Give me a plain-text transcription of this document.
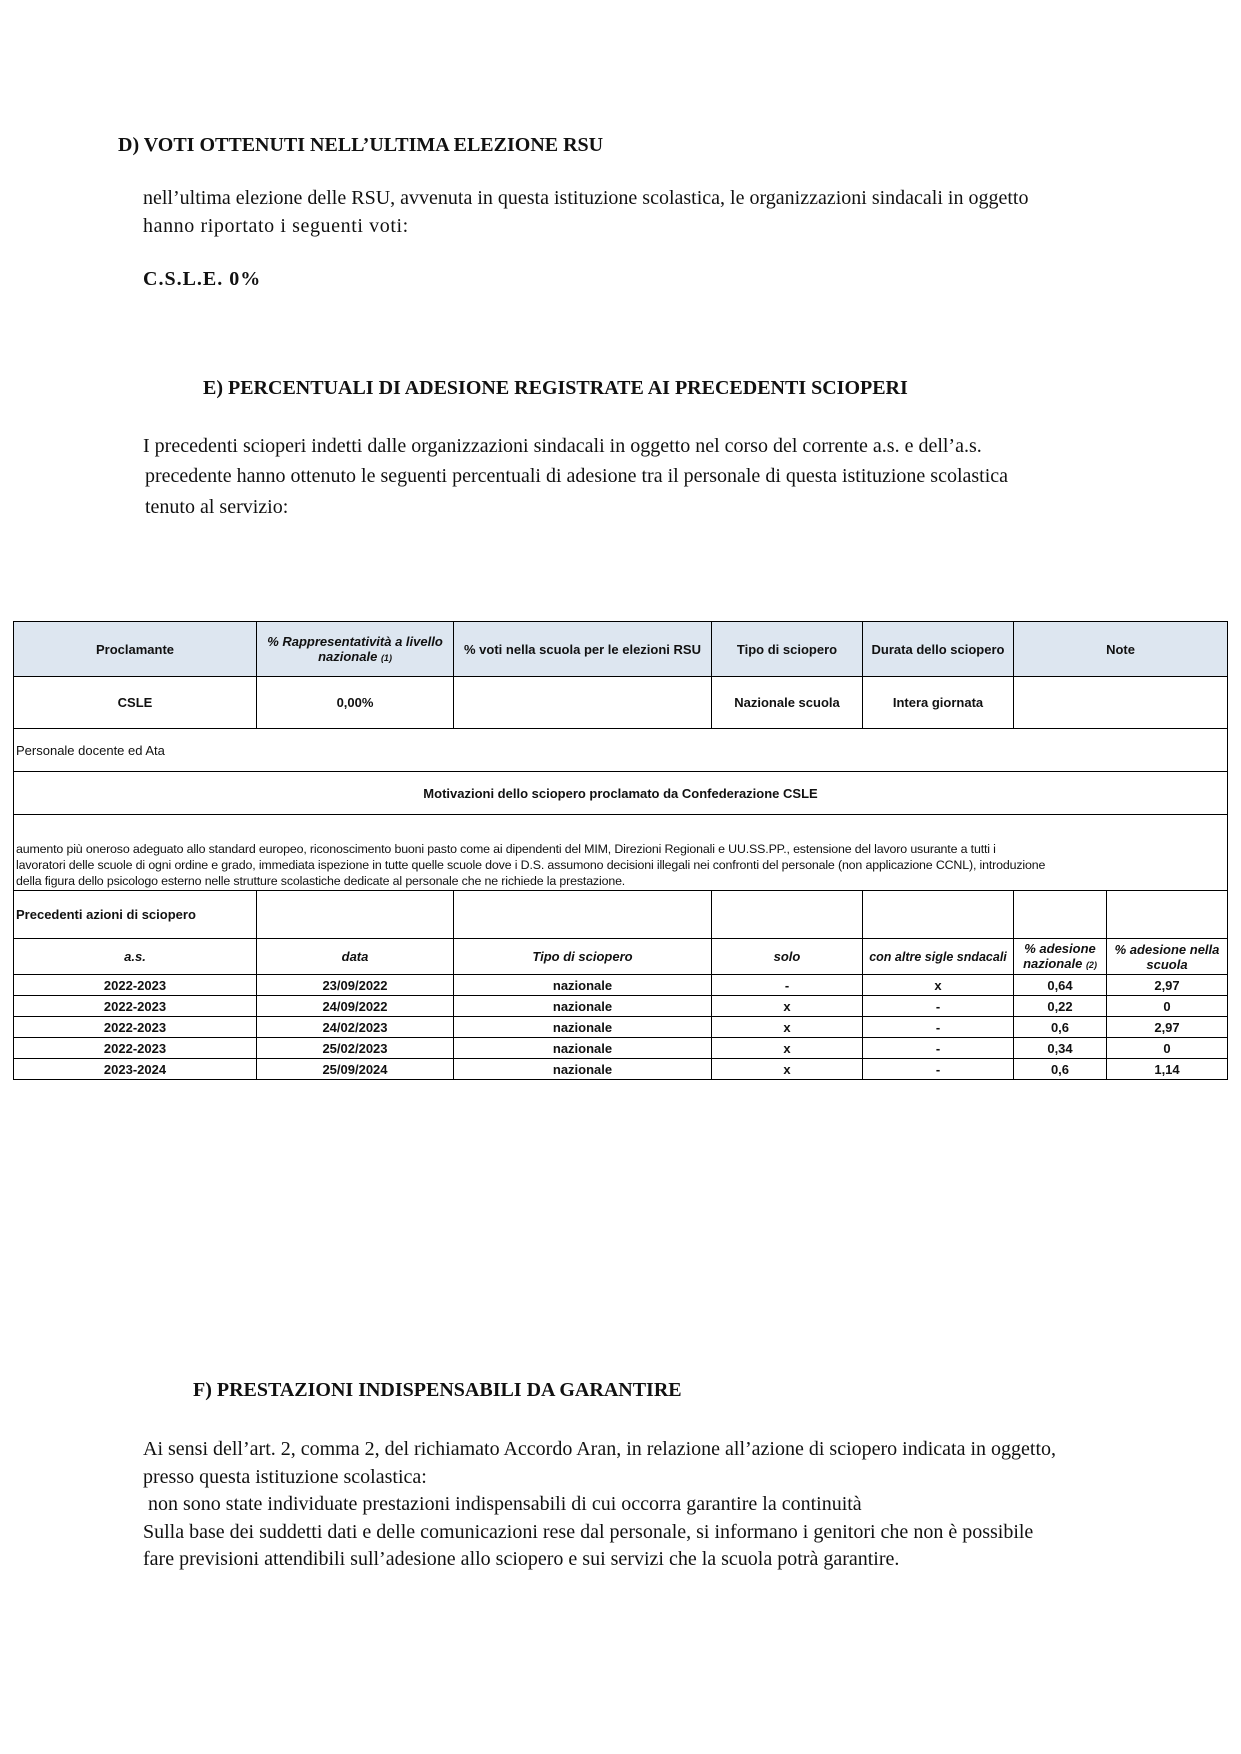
D) VOTI OTTENUTI NELL’ULTIMA ELEZIONE RSU
nell’ultima elezione delle RSU, avvenuta in questa istituzione scolastica, le organizzazioni sindacali in oggetto
hanno riportato i seguenti voti:
C.S.L.E. 0%
E) PERCENTUALI DI ADESIONE REGISTRATE AI PRECEDENTI SCIOPERI
I precedenti scioperi indetti dalle organizzazioni sindacali in oggetto nel corso del corrente a.s. e dell’a.s.
precedente hanno ottenuto le seguenti percentuali di adesione tra il personale di questa istituzione scolastica
tenuto al servizio:
Proclamante	% Rappresentatività a livello nazionale (1)	% voti nella scuola per le elezioni RSU	Tipo di sciopero	Durata dello sciopero	Note	
CSLE	0,00%		Nazionale scuola	Intera giornata		
Personale docente ed Ata						
Motivazioni dello sciopero proclamato da Confederazione CSLE						

aumento più oneroso adeguato allo standard europeo, riconoscimento buoni pasto come ai dipendenti del MIM, Direzioni Regionali e UU.SS.PP., estensione del lavoro usurante a tutti i
lavoratori delle scuole di ogni ordine e grado, immediata ispezione in tutte quelle scuole dove i D.S. assumono decisioni illegali nei confronti del personale (non applicazione CCNL), introduzione
della figura dello psicologo esterno nelle strutture scolastiche dedicate al personale che ne richiede la prestazione.						

Precedenti azioni di sciopero						
a.s.	data	Tipo di sciopero	solo	con altre sigle sndacali	% adesione nazionale (2)	% adesione nella scuola
2022-2023	23/09/2022	nazionale	-	x	0,64	2,97
2022-2023	24/09/2022	nazionale	x	-	0,22	0
2022-2023	24/02/2023	nazionale	x	-	0,6	2,97
2022-2023	25/02/2023	nazionale	x	-	0,34	0
2023-2024	25/09/2024	nazionale	x	-	0,6	1,14
F) PRESTAZIONI INDISPENSABILI DA GARANTIRE
Ai sensi dell’art. 2, comma 2, del richiamato Accordo Aran, in relazione all’azione di sciopero indicata in oggetto,
presso questa istituzione scolastica:
non sono state individuate prestazioni indispensabili di cui occorra garantire la continuità
Sulla base dei suddetti dati e delle comunicazioni rese dal personale, si informano i genitori che non è possibile
fare previsioni attendibili sull’adesione allo sciopero e sui servizi che la scuola potrà garantire.
